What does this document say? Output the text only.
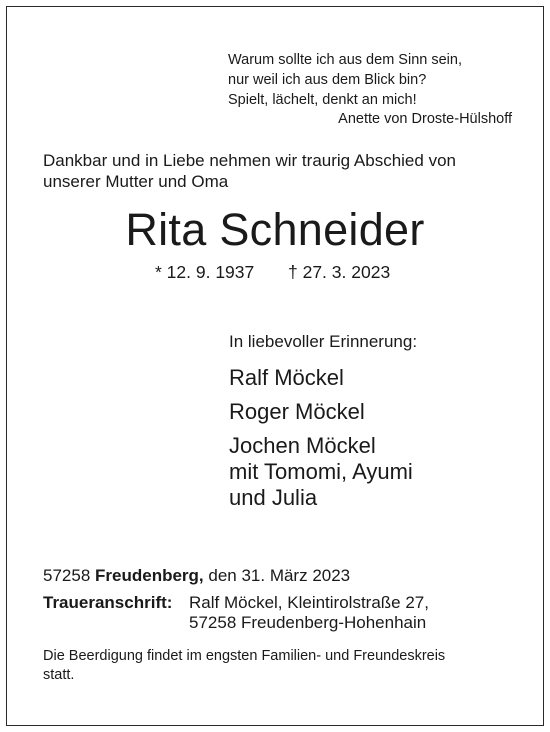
Warum sollte ich aus dem Sinn sein,
nur weil ich aus dem Blick bin?
Spielt, lächelt, denkt an mich!
Anette von Droste-Hülshoff
Dankbar und in Liebe nehmen wir traurig Abschied von
unserer Mutter und Oma
Rita Schneider
* 12. 9. 1937 † 27. 3. 2023
In liebevoller Erinnerung:
Ralf Möckel
Roger Möckel
Jochen Möckel
mit Tomomi, Ayumi
und Julia
57258 Freudenberg, den 31. März 2023
Traueranschrift: Ralf Möckel, Kleintirolstraße 27,
57258 Freudenberg-Hohenhain
Die Beerdigung findet im engsten Familien- und Freundeskreis
statt.
